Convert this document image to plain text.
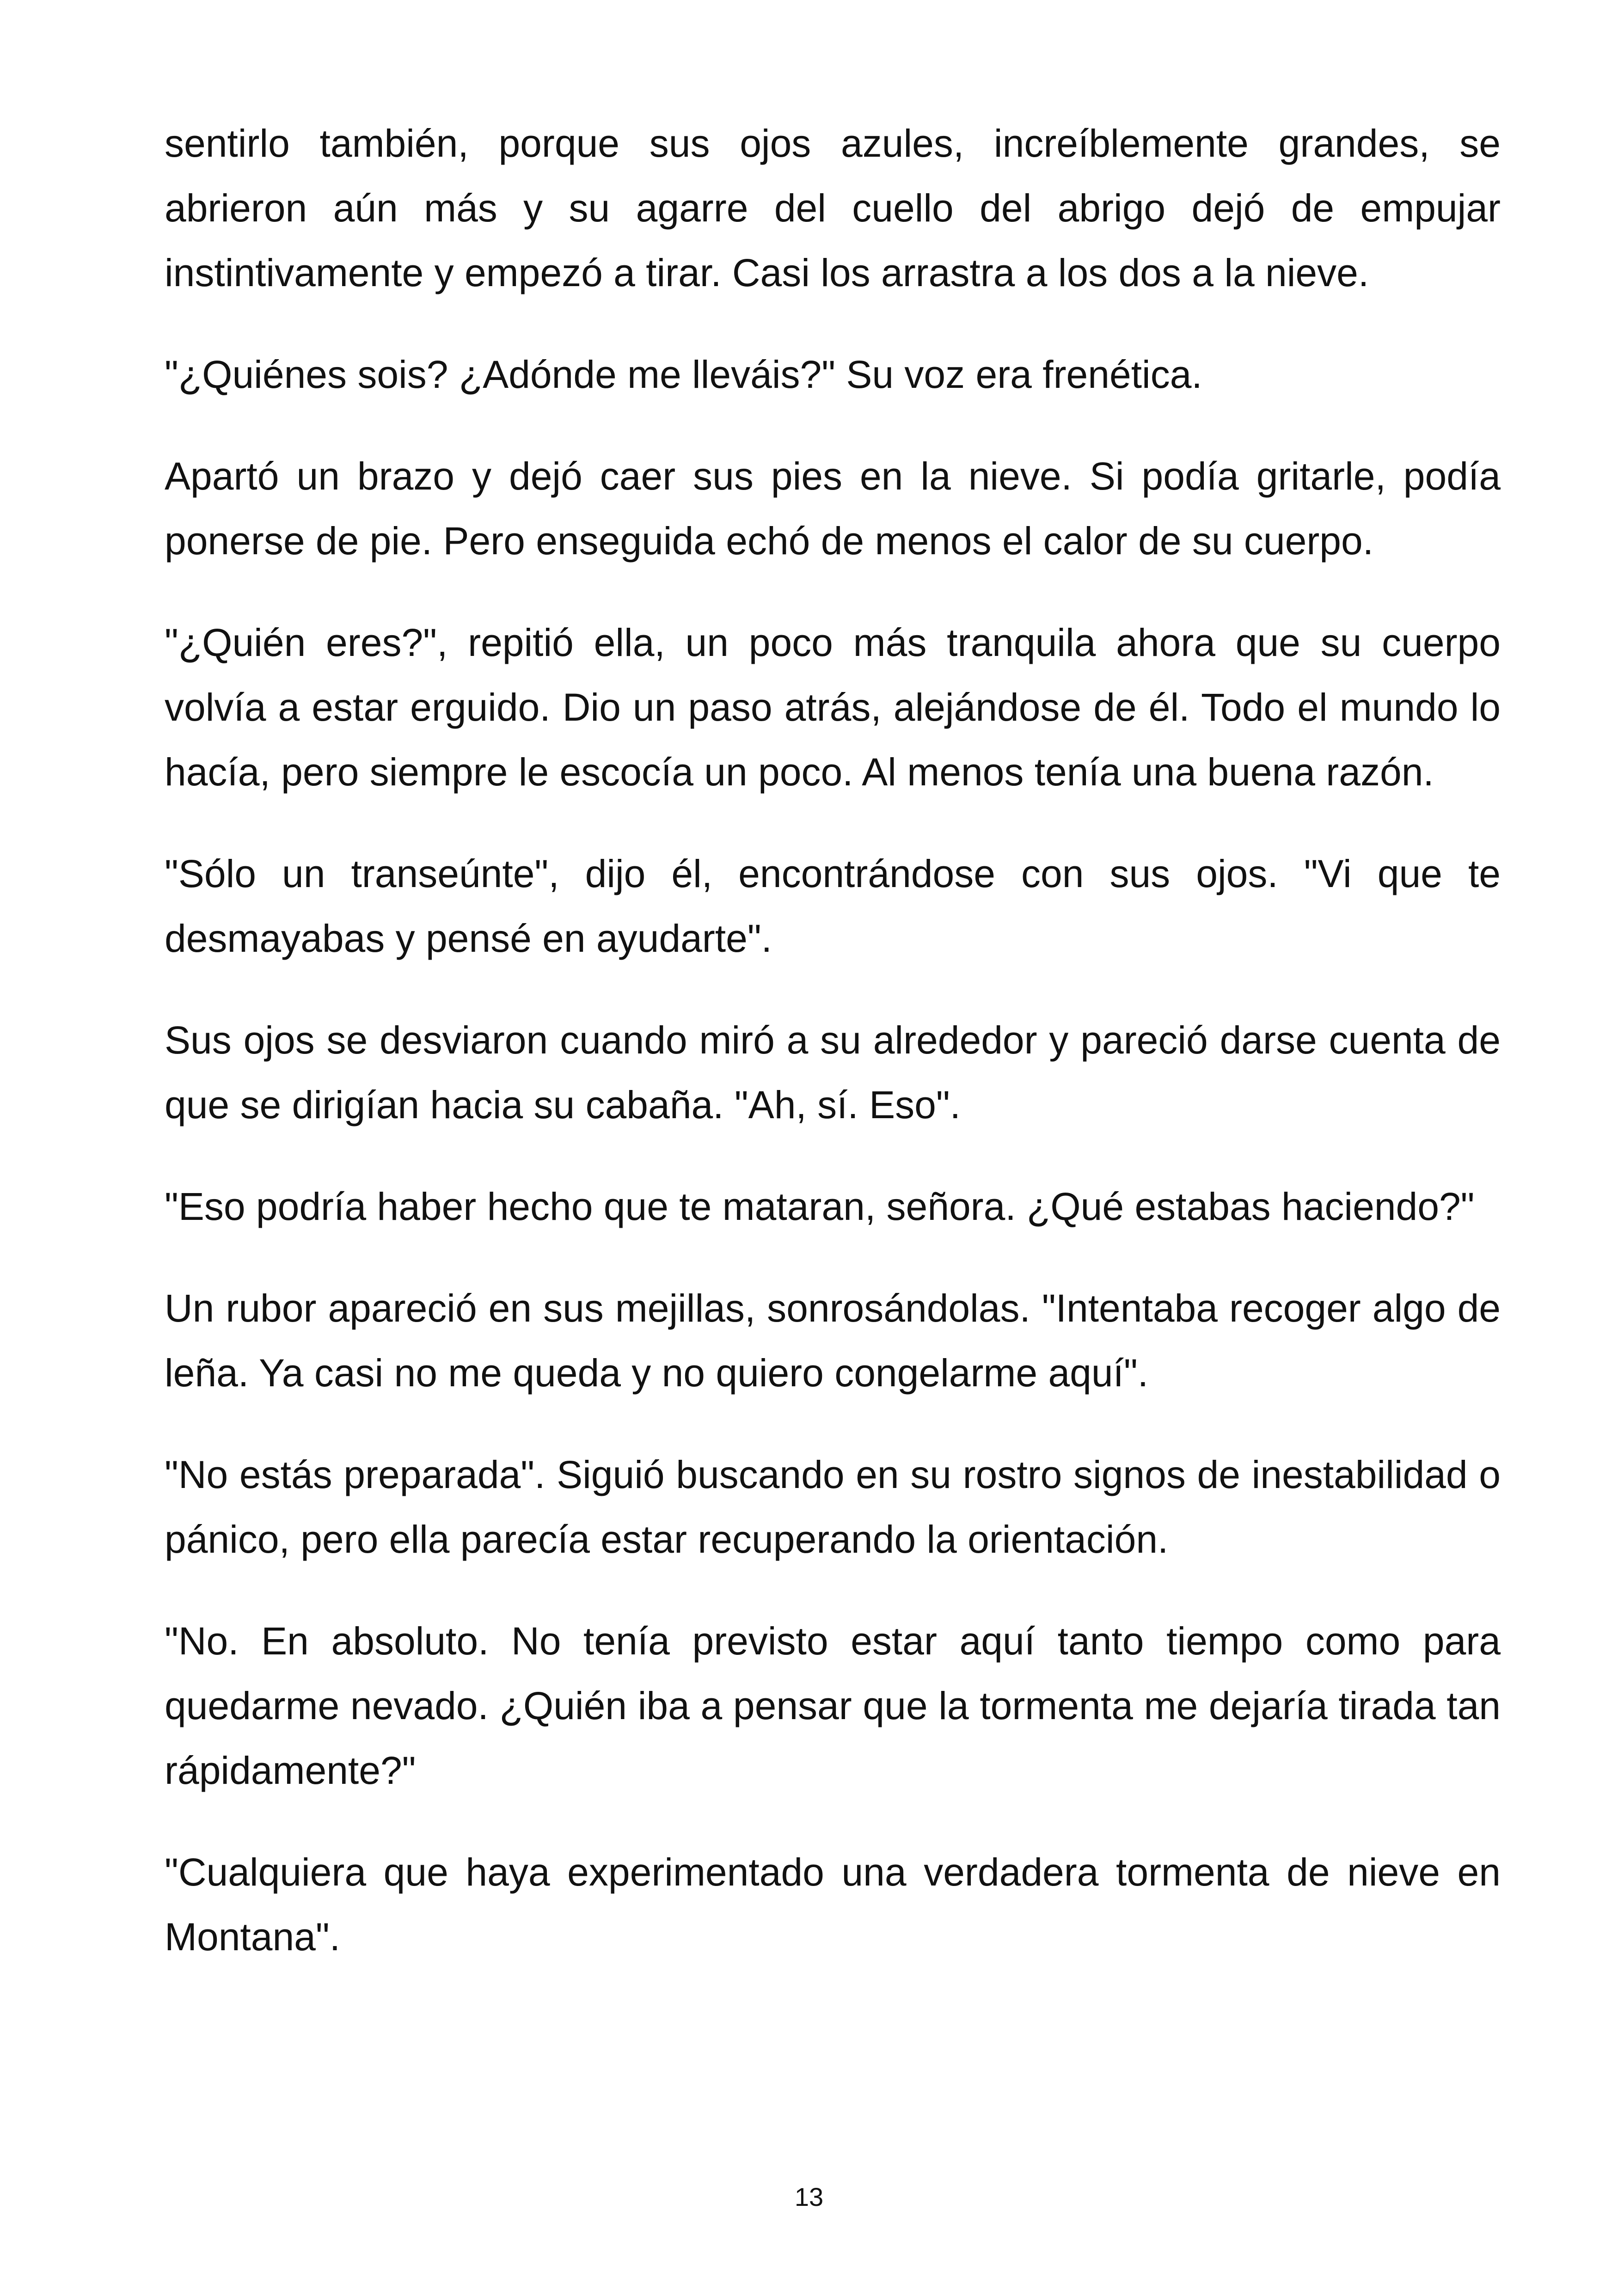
sentirlo también, porque sus ojos azules, increíblemente grandes, se abrieron aún más y su agarre del cuello del abrigo dejó de empujar instintivamente y empezó a tirar. Casi los arrastra a los dos a la nieve.

"¿Quiénes sois? ¿Adónde me lleváis?" Su voz era frenética.

Apartó un brazo y dejó caer sus pies en la nieve. Si podía gritarle, podía ponerse de pie. Pero enseguida echó de menos el calor de su cuerpo.

"¿Quién eres?", repitió ella, un poco más tranquila ahora que su cuerpo volvía a estar erguido. Dio un paso atrás, alejándose de él. Todo el mundo lo hacía, pero siempre le escocía un poco. Al menos tenía una buena razón.

"Sólo un transeúnte", dijo él, encontrándose con sus ojos. "Vi que te desmayabas y pensé en ayudarte".

Sus ojos se desviaron cuando miró a su alrededor y pareció darse cuenta de que se dirigían hacia su cabaña. "Ah, sí. Eso".

"Eso podría haber hecho que te mataran, señora. ¿Qué estabas haciendo?"

Un rubor apareció en sus mejillas, sonrosándolas. "Intentaba recoger algo de leña. Ya casi no me queda y no quiero congelarme aquí".

"No estás preparada". Siguió buscando en su rostro signos de inestabilidad o pánico, pero ella parecía estar recuperando la orientación.

"No. En absoluto. No tenía previsto estar aquí tanto tiempo como para quedarme nevado. ¿Quién iba a pensar que la tormenta me dejaría tirada tan rápidamente?"

"Cualquiera que haya experimentado una verdadera tormenta de nieve en Montana".

13
